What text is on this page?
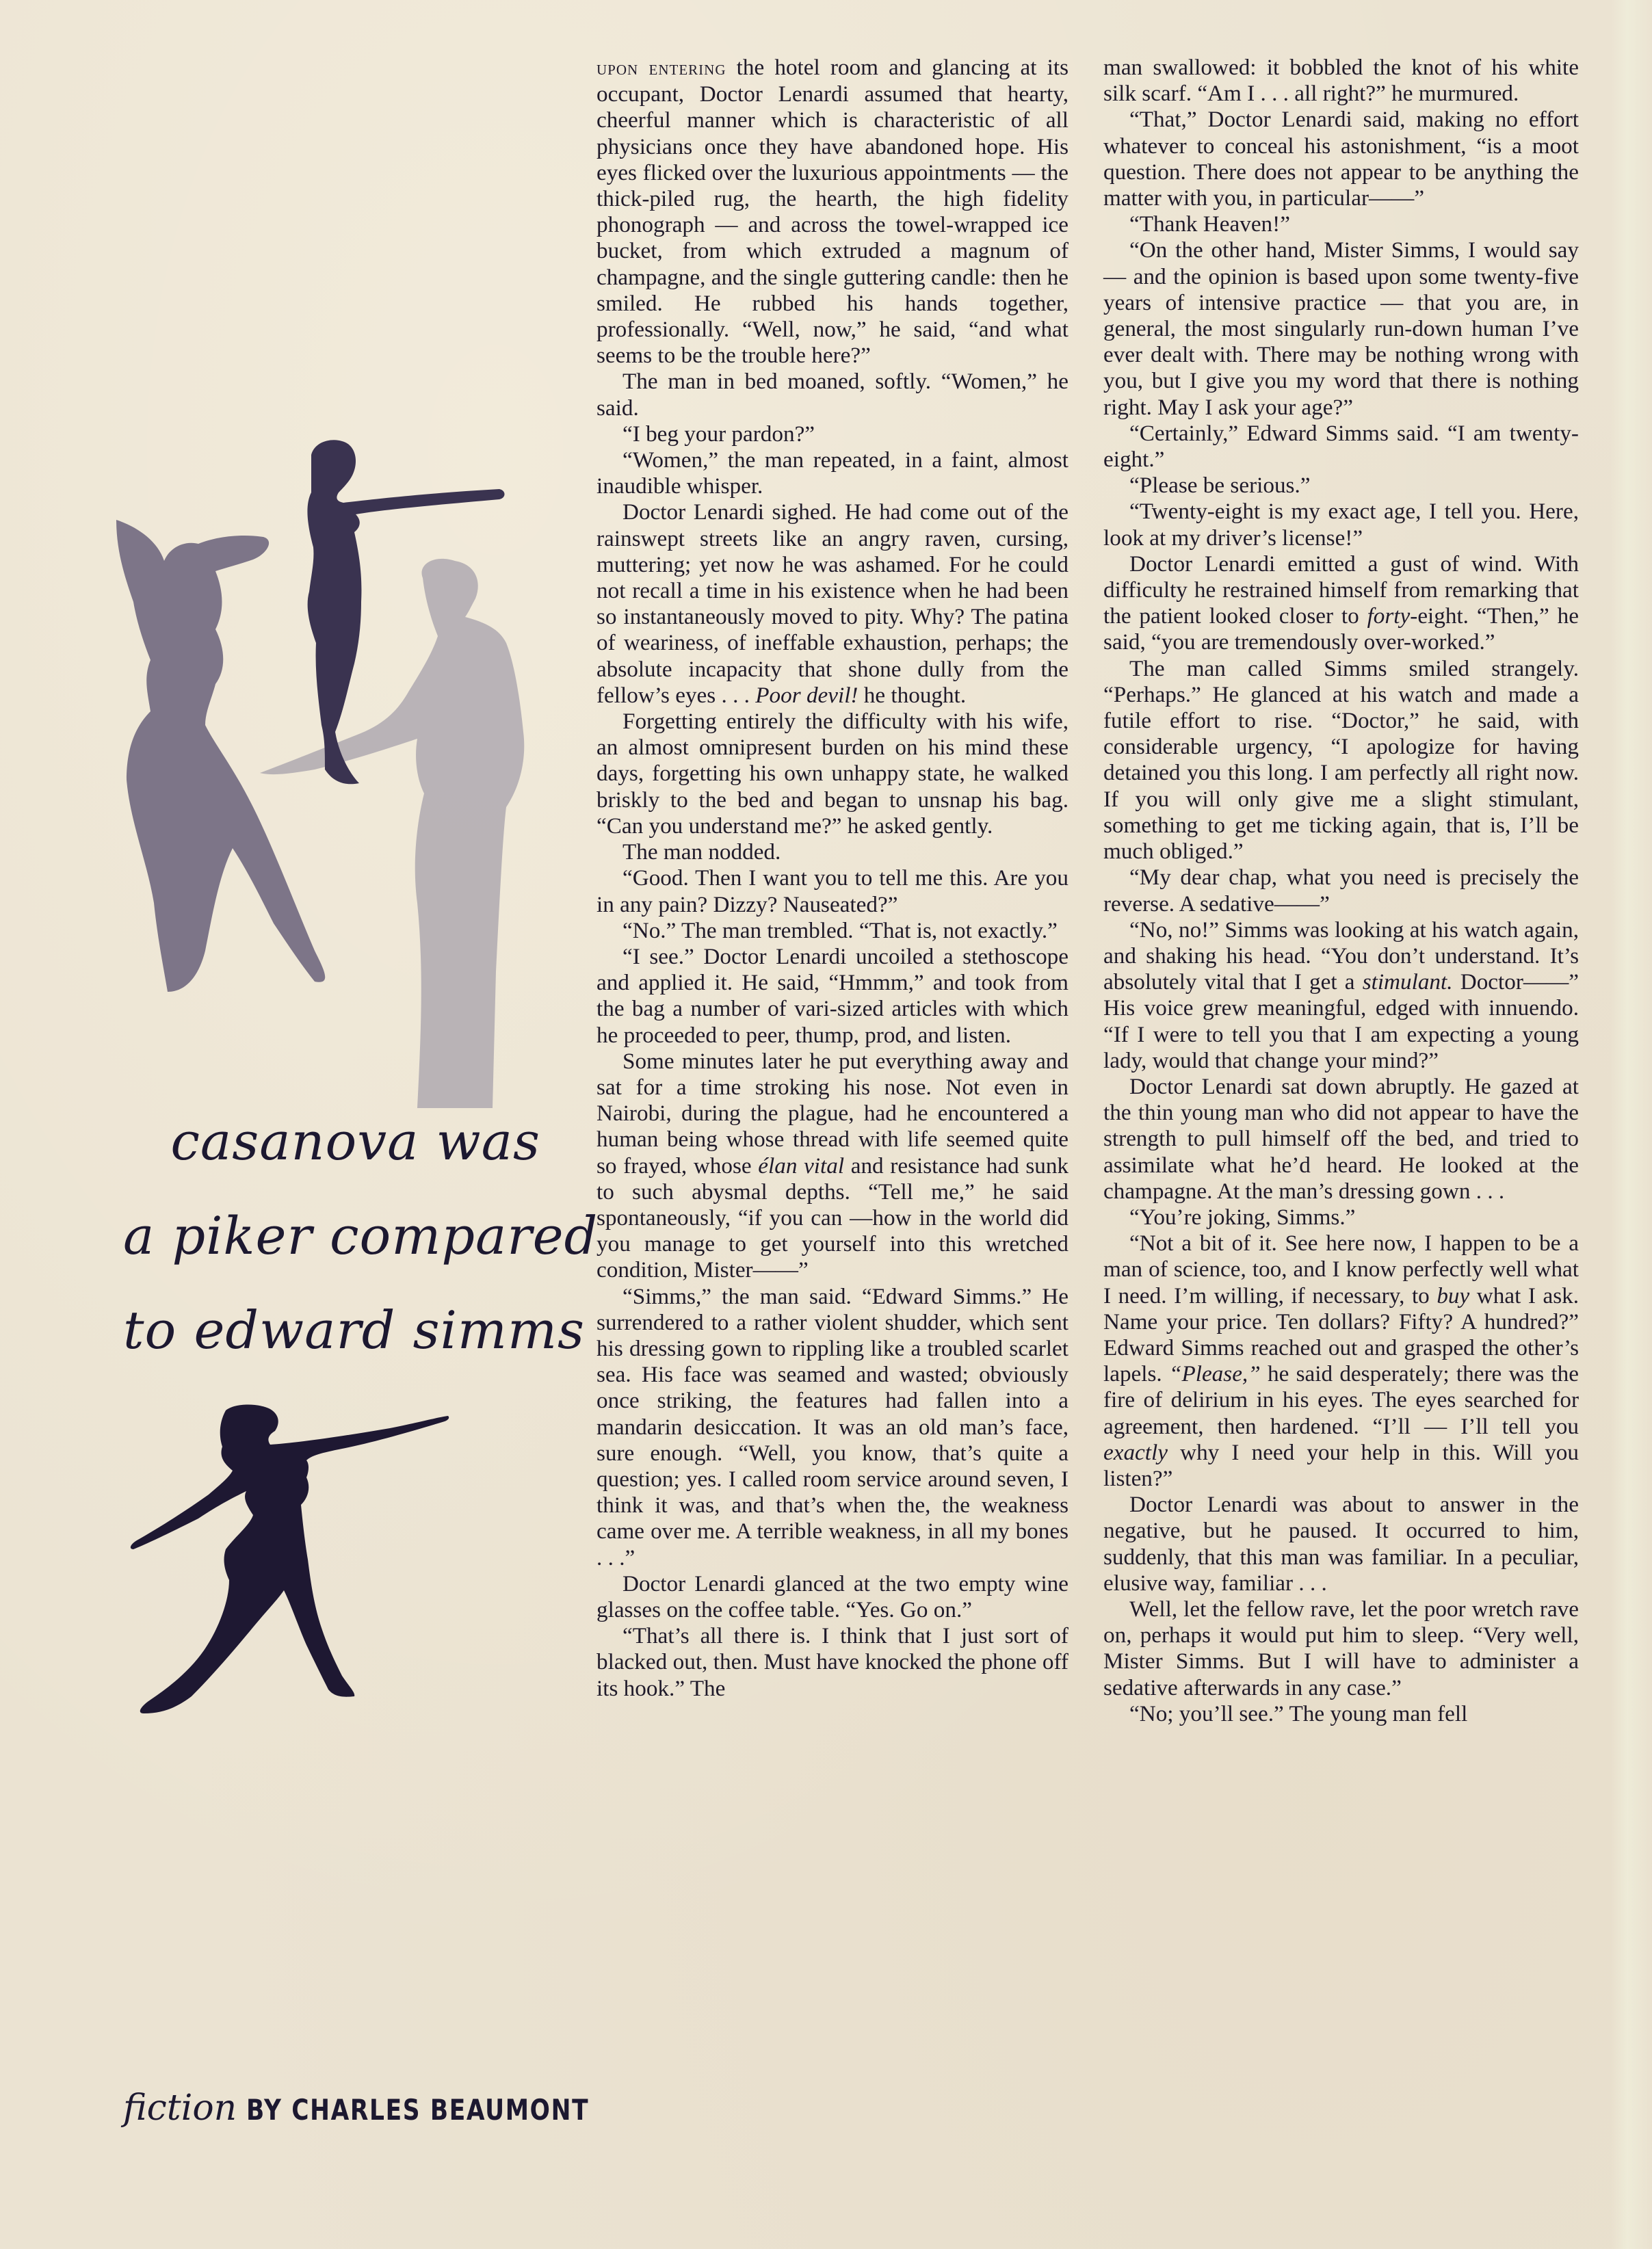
casanova was
a piker compared
to edward simms
fiction BY CHARLES BEAUMONT

upon entering the hotel room and glancing at its occupant, Doctor Lenardi assumed that hearty, cheerful manner which is characteristic of all physicians once they have abandoned hope. His eyes flicked over the luxurious appointments — the thick-piled rug, the hearth, the high fidelity phonograph — and across the towel-wrapped ice bucket, from which extruded a magnum of champagne, and the single guttering candle: then he smiled. He rubbed his hands together, professionally. “Well, now,” he said, “and what seems to be the trouble here?”

The man in bed moaned, softly. “Women,” he said.

“I beg your pardon?”

“Women,” the man repeated, in a faint, almost inaudible whisper.

Doctor Lenardi sighed. He had come out of the rainswept streets like an angry raven, cursing, muttering; yet now he was ashamed. For he could not recall a time in his existence when he had been so instantaneously moved to pity. Why? The patina of weariness, of ineffable exhaustion, perhaps; the absolute incapacity that shone dully from the fellow’s eyes . . . Poor devil! he thought.

Forgetting entirely the difficulty with his wife, an almost omnipresent burden on his mind these days, forgetting his own unhappy state, he walked briskly to the bed and began to unsnap his bag. “Can you understand me?” he asked gently.

The man nodded.

“Good. Then I want you to tell me this. Are you in any pain? Dizzy? Nauseated?”

“No.” The man trembled. “That is, not exactly.”

“I see.” Doctor Lenardi uncoiled a stethoscope and applied it. He said, “Hmmm,” and took from the bag a number of vari-sized articles with which he proceeded to peer, thump, prod, and listen.

Some minutes later he put everything away and sat for a time stroking his nose. Not even in Nairobi, during the plague, had he encountered a human being whose thread with life seemed quite so frayed, whose élan vital and resistance had sunk to such abysmal depths. “Tell me,” he said spontaneously, “if you can —how in the world did you manage to get yourself into this wretched condition, Mister——”

“Simms,” the man said. “Edward Simms.” He surrendered to a rather violent shudder, which sent his dressing gown to rippling like a troubled scarlet sea. His face was seamed and wasted; obviously once striking, the features had fallen into a mandarin desiccation. It was an old man’s face, sure enough. “Well, you know, that’s quite a question; yes. I called room service around seven, I think it was, and that’s when the, the weakness came over me. A terrible weakness, in all my bones . . .”

Doctor Lenardi glanced at the two empty wine glasses on the coffee table. “Yes. Go on.”

“That’s all there is. I think that I just sort of blacked out, then. Must have knocked the phone off its hook.” The

man swallowed: it bobbled the knot of his white silk scarf. “Am I . . . all right?” he murmured.

“That,” Doctor Lenardi said, making no effort whatever to conceal his astonishment, “is a moot question. There does not appear to be anything the matter with you, in particular——”

“Thank Heaven!”

“On the other hand, Mister Simms, I would say — and the opinion is based upon some twenty-five years of intensive practice — that you are, in general, the most singularly run-down human I’ve ever dealt with. There may be nothing wrong with you, but I give you my word that there is nothing right. May I ask your age?”

“Certainly,” Edward Simms said. “I am twenty-eight.”

“Please be serious.”

“Twenty-eight is my exact age, I tell you. Here, look at my driver’s license!”

Doctor Lenardi emitted a gust of wind. With difficulty he restrained himself from remarking that the patient looked closer to forty-eight. “Then,” he said, “you are tremendously over-worked.”

The man called Simms smiled strangely. “Perhaps.” He glanced at his watch and made a futile effort to rise. “Doctor,” he said, with considerable urgency, “I apologize for having detained you this long. I am perfectly all right now. If you will only give me a slight stimulant, something to get me ticking again, that is, I’ll be much obliged.”

“My dear chap, what you need is precisely the reverse. A sedative——”

“No, no!” Simms was looking at his watch again, and shaking his head. “You don’t understand. It’s absolutely vital that I get a stimulant. Doctor——” His voice grew meaningful, edged with innuendo. “If I were to tell you that I am expecting a young lady, would that change your mind?”

Doctor Lenardi sat down abruptly. He gazed at the thin young man who did not appear to have the strength to pull himself off the bed, and tried to assimilate what he’d heard. He looked at the champagne. At the man’s dressing gown . . .

“You’re joking, Simms.”

“Not a bit of it. See here now, I happen to be a man of science, too, and I know perfectly well what I need. I’m willing, if necessary, to buy what I ask. Name your price. Ten dollars? Fifty? A hundred?” Edward Simms reached out and grasped the other’s lapels. “Please,” he said desperately; there was the fire of delirium in his eyes. The eyes searched for agreement, then hardened. “I’ll — I’ll tell you exactly why I need your help in this. Will you listen?”

Doctor Lenardi was about to answer in the negative, but he paused. It occurred to him, suddenly, that this man was familiar. In a peculiar, elusive way, familiar . . .

Well, let the fellow rave, let the poor wretch rave on, perhaps it would put him to sleep. “Very well, Mister Simms. But I will have to administer a sedative afterwards in any case.”

“No; you’ll see.” The young man fell
